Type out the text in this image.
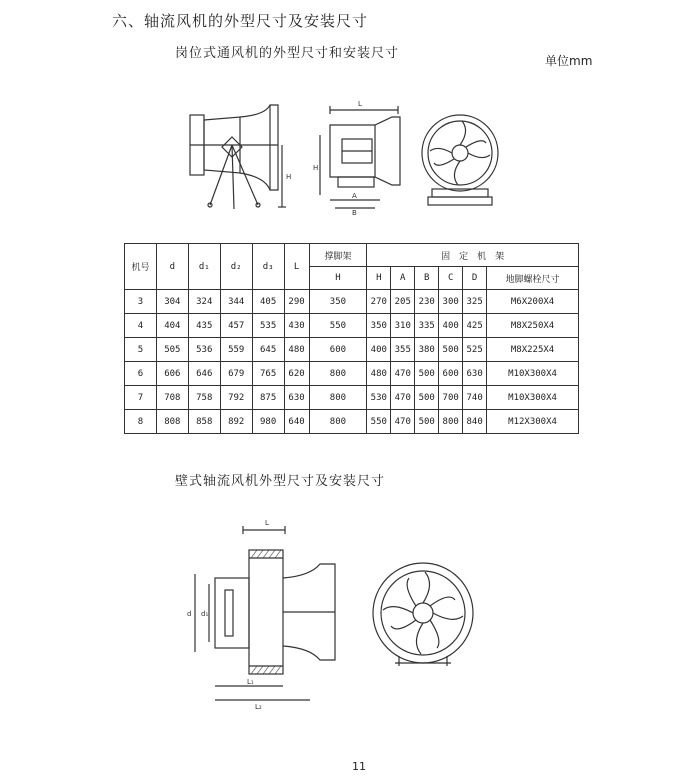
六、轴流风机的外型尺寸及安装尺寸
岗位式通风机的外型尺寸和安装尺寸	单位mm
H
L
H
A
B
机号	d	d₁	d₂	d₃	L	撑脚架	固　定　机　架					
						H	H	A	B	C	D	地脚螺栓尺寸
3	304	324	344	405	290	350	270	205	230	300	325	M6X200X4
4	404	435	457	535	430	550	350	310	335	400	425	M8X250X4
5	505	536	559	645	480	600	400	355	380	500	525	M8X225X4
6	606	646	679	765	620	800	480	470	500	600	630	M10X300X4
7	708	758	792	875	630	800	530	470	500	700	740	M10X300X4
8	808	858	892	980	640	800	550	470	500	800	840	M12X300X4
壁式轴流风机外型尺寸及安装尺寸
L
d d₁
L₁
L₂
11
